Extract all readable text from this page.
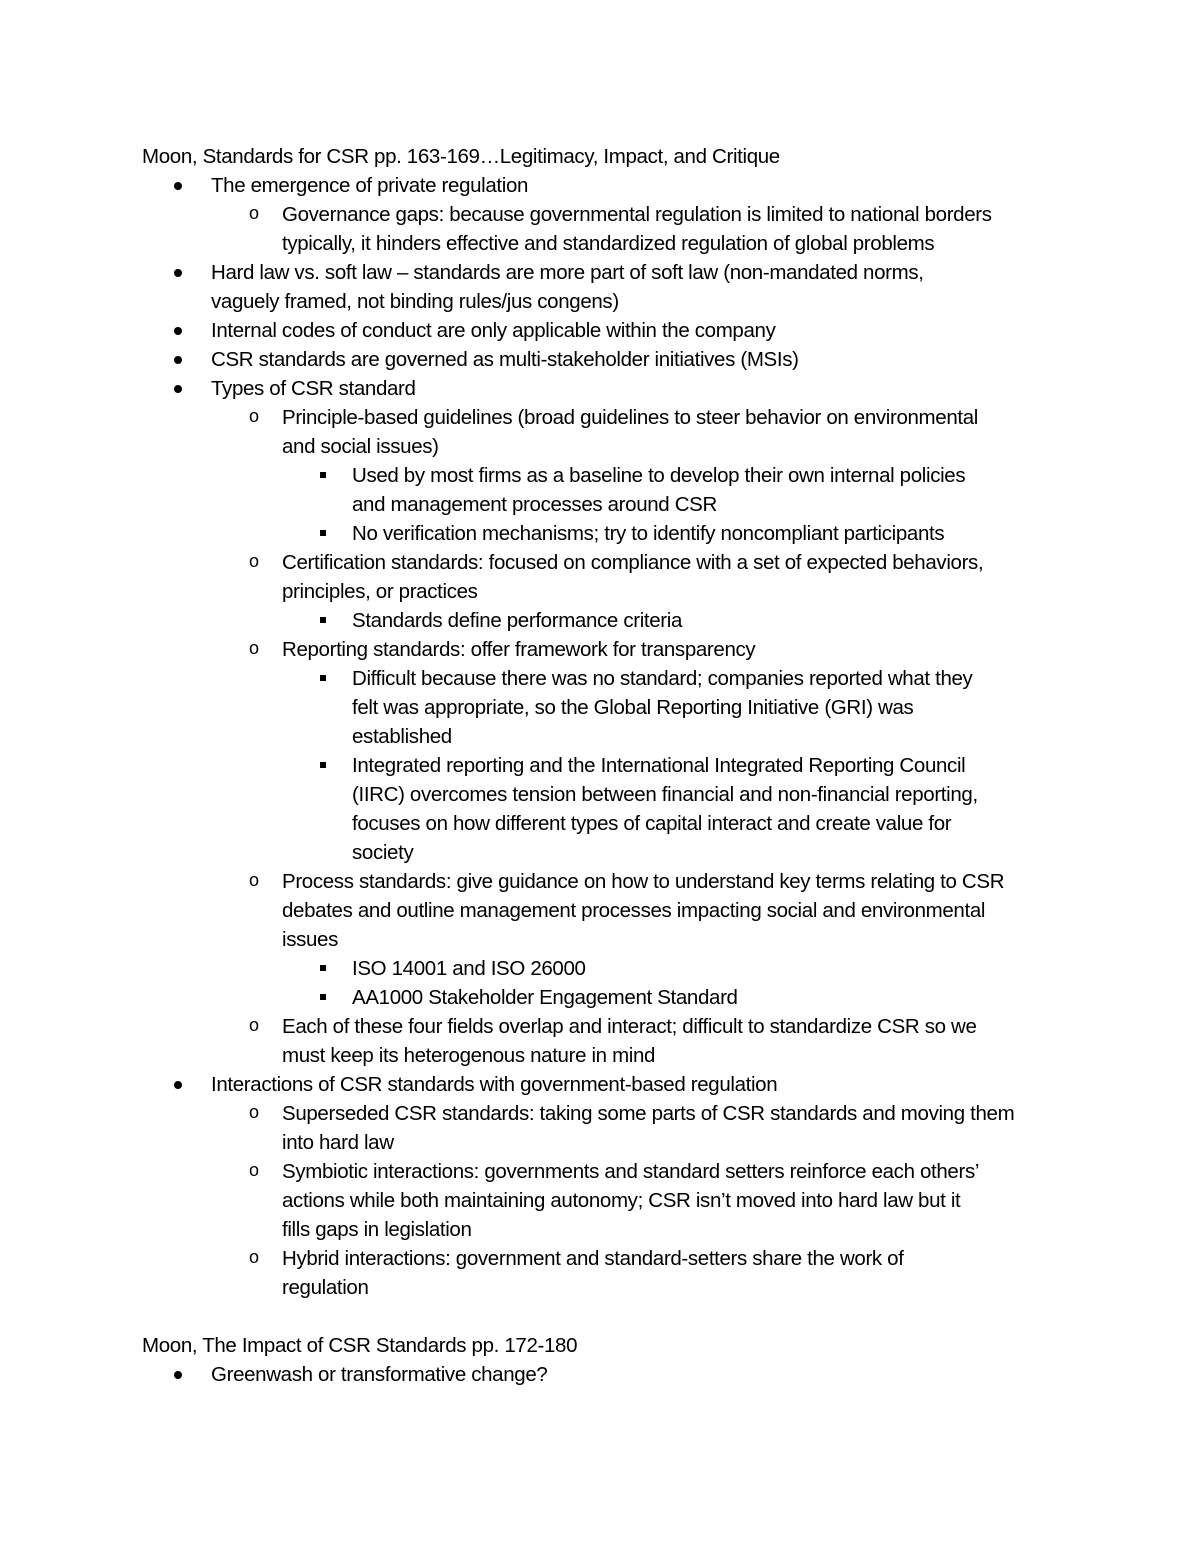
Moon, Standards for CSR pp. 163-169…Legitimacy, Impact, and Critique
The emergence of private regulation
o Governance gaps: because governmental regulation is limited to national borders
typically, it hinders effective and standardized regulation of global problems
Hard law vs. soft law – standards are more part of soft law (non-mandated norms,
vaguely framed, not binding rules/jus congens)
Internal codes of conduct are only applicable within the company
CSR standards are governed as multi-stakeholder initiatives (MSIs)
Types of CSR standard
o Principle-based guidelines (broad guidelines to steer behavior on environmental
and social issues)
Used by most firms as a baseline to develop their own internal policies
and management processes around CSR
No verification mechanisms; try to identify noncompliant participants
o Certification standards: focused on compliance with a set of expected behaviors,
principles, or practices
Standards define performance criteria
o Reporting standards: offer framework for transparency
Difficult because there was no standard; companies reported what they
felt was appropriate, so the Global Reporting Initiative (GRI) was
established
Integrated reporting and the International Integrated Reporting Council
(IIRC) overcomes tension between financial and non-financial reporting,
focuses on how different types of capital interact and create value for
society
o Process standards: give guidance on how to understand key terms relating to CSR
debates and outline management processes impacting social and environmental
issues
ISO 14001 and ISO 26000
AA1000 Stakeholder Engagement Standard
o Each of these four fields overlap and interact; difficult to standardize CSR so we
must keep its heterogenous nature in mind
Interactions of CSR standards with government-based regulation
o Superseded CSR standards: taking some parts of CSR standards and moving them
into hard law
o Symbiotic interactions: governments and standard setters reinforce each others’
actions while both maintaining autonomy; CSR isn’t moved into hard law but it
fills gaps in legislation
o Hybrid interactions: government and standard-setters share the work of
regulation
Moon, The Impact of CSR Standards pp. 172-180
Greenwash or transformative change?
